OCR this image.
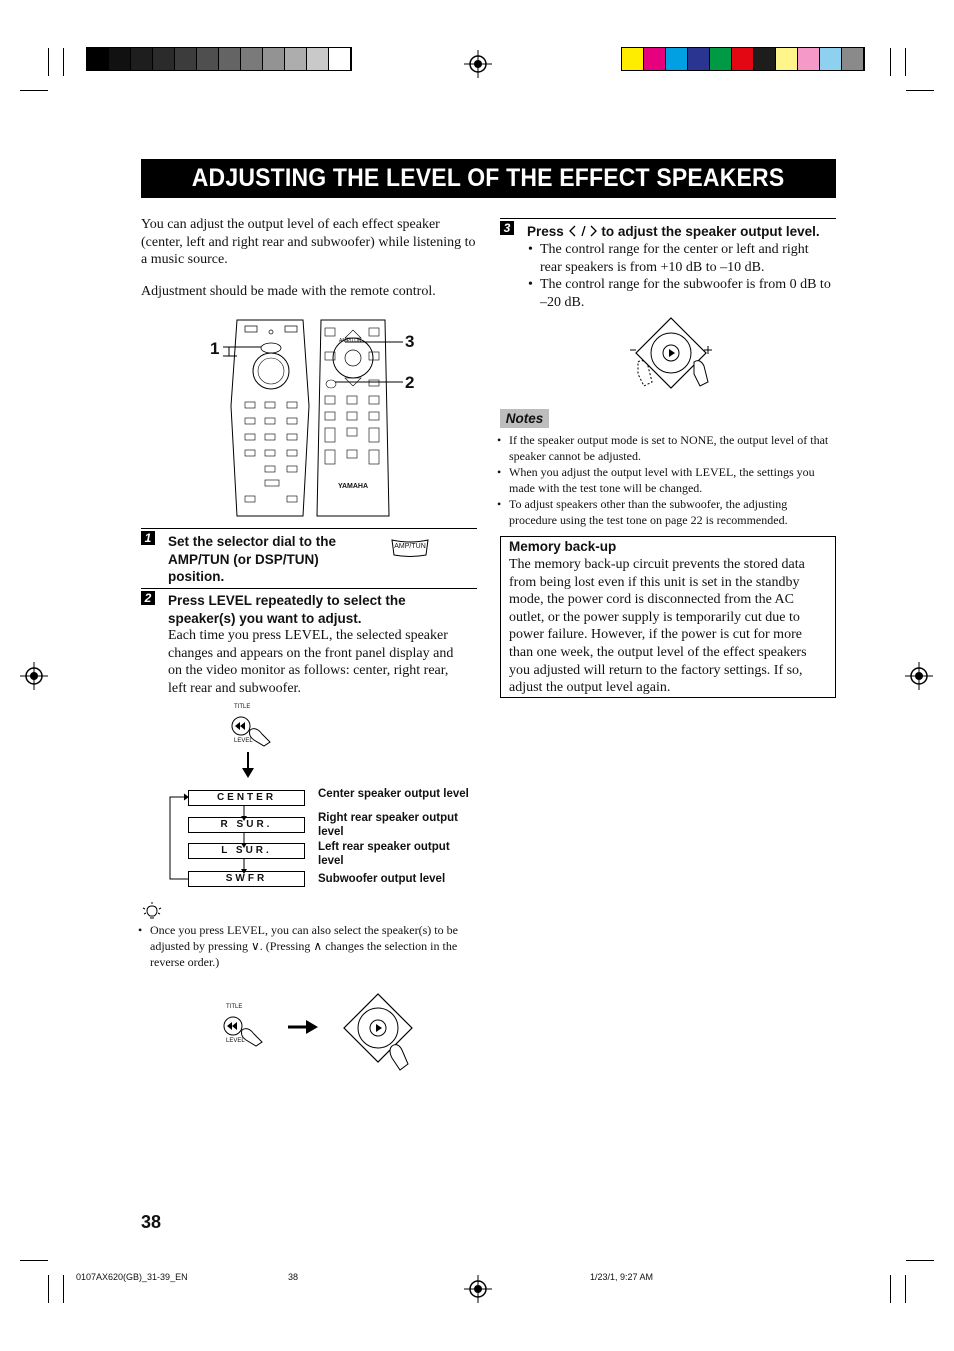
ADJUSTING THE LEVEL OF THE EFFECT SPEAKERS
You can adjust the output level of each effect speaker (center, left and right rear and subwoofer) while listening to a music source.
Adjustment should be made with the remote control.
AMP/TUN
YAMAHA
1	3
2
1 Set the selector dial to the AMP/TUN (or DSP/TUN) position.
AMP/TUN
2 Press LEVEL repeatedly to select the speaker(s) you want to adjust.
Each time you press LEVEL, the selected speaker changes and appears on the front panel display and on the video monitor as follows: center, right rear, left rear and subwoofer.
TITLE
LEVEL
CENTER
R SUR.
L SUR.
SWFR
Center speaker output level
Right rear speaker output level
Left rear speaker output level
Subwoofer output level
• Once you press LEVEL, you can also select the speaker(s) to be adjusted by pressing ∨. (Pressing ∧ changes the selection in the reverse order.)
TITLE
LEVEL
3 Press	to adjust the speaker output level.
• The control range for the center or left and right rear speakers is from +10 dB to –10 dB.
• The control range for the subwoofer is from 0 dB to –20 dB.
Notes
• If the speaker output mode is set to NONE, the output level of that speaker cannot be adjusted.
• When you adjust the output level with LEVEL, the settings you made with the test tone will be changed.
• To adjust speakers other than the subwoofer, the adjusting procedure using the test tone on page 22 is recommended.
Memory back-up
The memory back-up circuit prevents the stored data from being lost even if this unit is set in the standby mode, the power cord is disconnected from the AC outlet, or the power supply is temporarily cut due to power failure. However, if the power is cut for more than one week, the output level of the effect speakers you adjusted will return to the factory settings. If so, adjust the output level again.
38
0107AX620(GB)_31-39_EN	38	1/23/1, 9:27 AM
